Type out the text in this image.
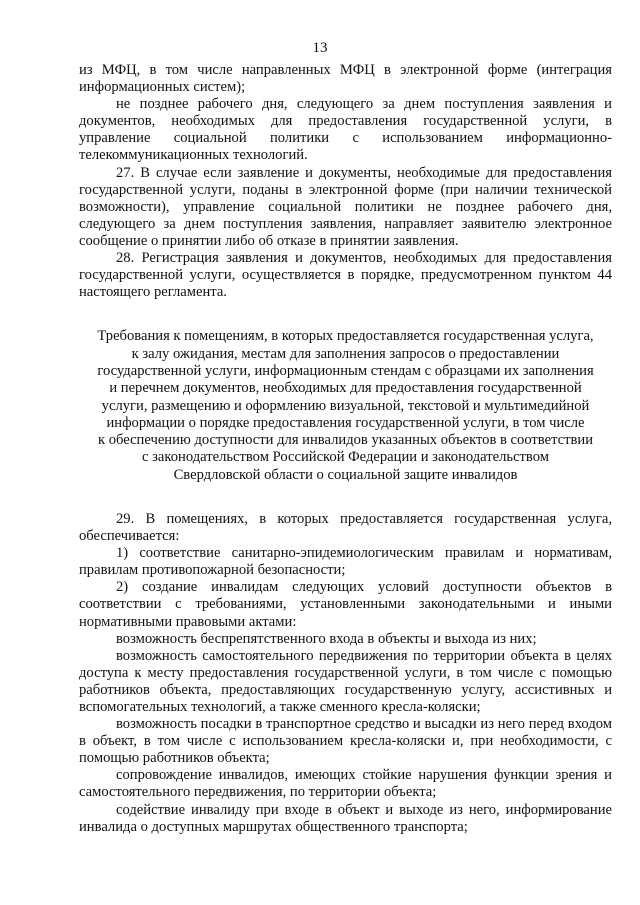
13

из МФЦ, в том числе направленных МФЦ в электронной форме (интеграция информационных систем);

не позднее рабочего дня, следующего за днем поступления заявления и документов, необходимых для предоставления государственной услуги, в управление социальной политики с использованием информационно-телекоммуникационных технологий.

27. В случае если заявление и документы, необходимые для предоставления государственной услуги, поданы в электронной форме (при наличии технической возможности), управление социальной политики не позднее рабочего дня, следующего за днем поступления заявления, направляет заявителю электронное сообщение о принятии либо об отказе в принятии заявления.

28. Регистрация заявления и документов, необходимых для предоставления государственной услуги, осуществляется в порядке, предусмотренном пунктом 44 настоящего регламента.

Требования к помещениям, в которых предоставляется государственная услуга,
к залу ожидания, местам для заполнения запросов о предоставлении
государственной услуги, информационным стендам с образцами их заполнения
и перечнем документов, необходимых для предоставления государственной
услуги, размещению и оформлению визуальной, текстовой и мультимедийной
информации о порядке предоставления государственной услуги, в том числе
к обеспечению доступности для инвалидов указанных объектов в соответствии
с законодательством Российской Федерации и законодательством
Свердловской области о социальной защите инвалидов

29. В помещениях, в которых предоставляется государственная услуга, обеспечивается:

1) соответствие санитарно-эпидемиологическим правилам и нормативам, правилам противопожарной безопасности;

2) создание инвалидам следующих условий доступности объектов в соответствии с требованиями, установленными законодательными и иными нормативными правовыми актами:

возможность беспрепятственного входа в объекты и выхода из них;

возможность самостоятельного передвижения по территории объекта в целях доступа к месту предоставления государственной услуги, в том числе с помощью работников объекта, предоставляющих государственную услугу, ассистивных и вспомогательных технологий, а также сменного кресла-коляски;

возможность посадки в транспортное средство и высадки из него перед входом в объект, в том числе с использованием кресла-коляски и, при необходимости, с помощью работников объекта;

сопровождение инвалидов, имеющих стойкие нарушения функции зрения и самостоятельного передвижения, по территории объекта;

содействие инвалиду при входе в объект и выходе из него, информирование инвалида о доступных маршрутах общественного транспорта;
